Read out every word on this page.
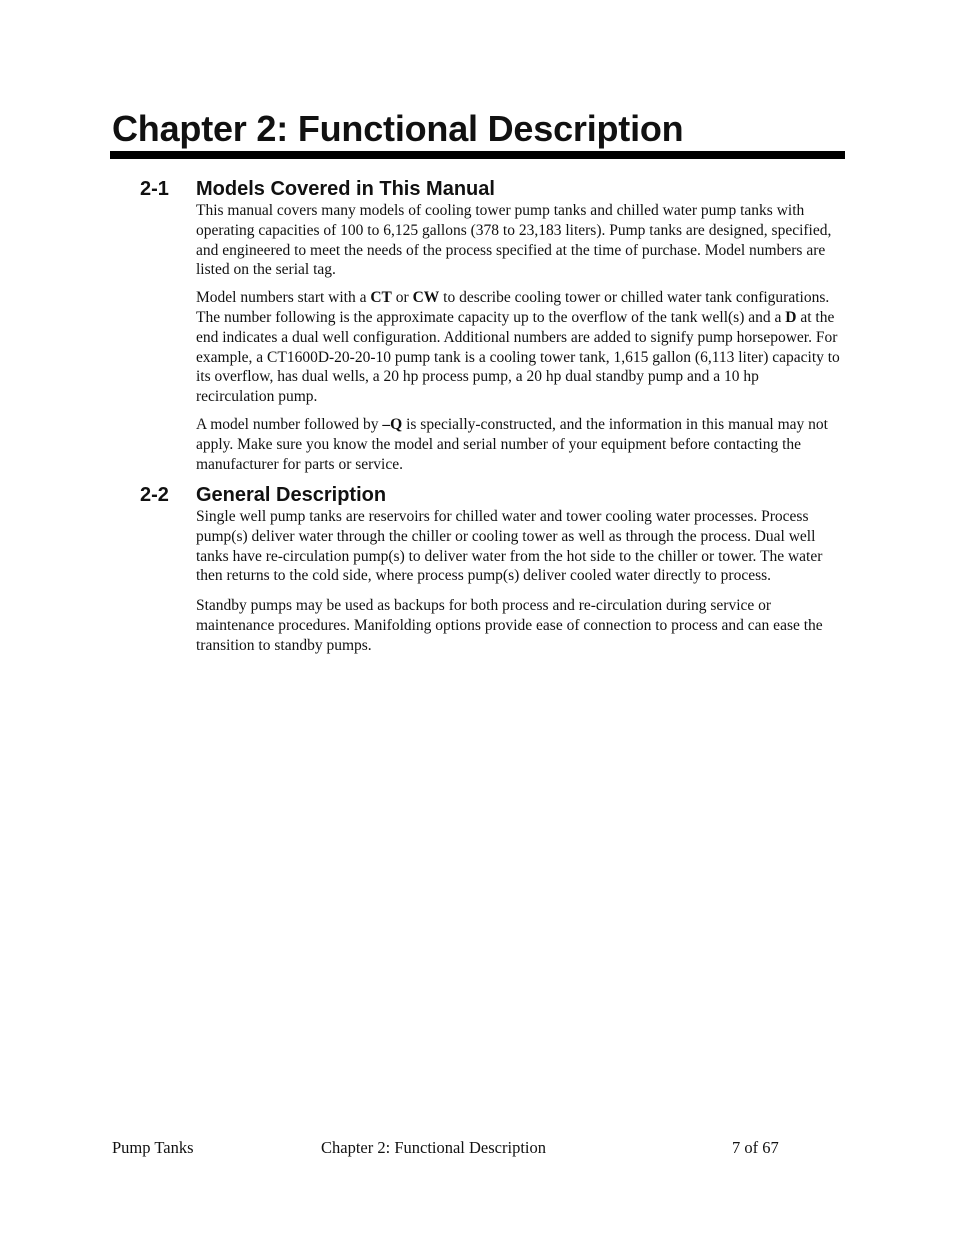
Chapter 2: Functional Description
2-1 Models Covered in This Manual

This manual covers many models of cooling tower pump tanks and chilled water pump tanks with operating capacities of 100 to 6,125 gallons (378 to 23,183 liters). Pump tanks are designed, specified, and engineered to meet the needs of the process specified at the time of purchase. Model numbers are listed on the serial tag.

Model numbers start with a CT or CW to describe cooling tower or chilled water tank configurations. The number following is the approximate capacity up to the overflow of the tank well(s) and a D at the end indicates a dual well configuration. Additional numbers are added to signify pump horsepower. For example, a CT1600D-20-20-10 pump tank is a cooling tower tank, 1,615 gallon (6,113 liter) capacity to its overflow, has dual wells, a 20 hp process pump, a 20 hp dual standby pump and a 10 hp recirculation pump.

A model number followed by –Q is specially-constructed, and the information in this manual may not apply. Make sure you know the model and serial number of your equipment before contacting the manufacturer for parts or service.

2-2 General Description

Single well pump tanks are reservoirs for chilled water and tower cooling water processes. Process pump(s) deliver water through the chiller or cooling tower as well as through the process. Dual well tanks have re-circulation pump(s) to deliver water from the hot side to the chiller or tower. The water then returns to the cold side, where process pump(s) deliver cooled water directly to process.

Standby pumps may be used as backups for both process and re-circulation during service or maintenance procedures. Manifolding options provide ease of connection to process and can ease the transition to standby pumps.

Pump Tanks	Chapter 2: Functional Description	7 of 67
